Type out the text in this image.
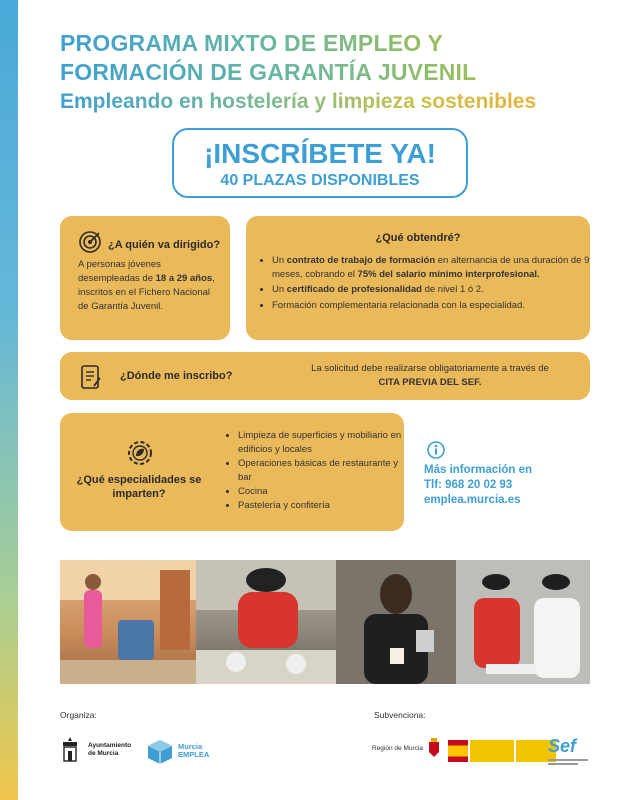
PROGRAMA MIXTO DE EMPLEO Y
FORMACIÓN DE GARANTÍA JUVENIL
Empleando en hostelería y limpieza sostenibles
¡INSCRÍBETE YA!
40 PLAZAS DISPONIBLES
¿A quién va dirigido?
A personas jóvenes desempleadas de 18 a 29 años, inscritos en el Fichero Nacional de Garantía Juvenil.
¿Qué obtendré?
• Un contrato de trabajo de formación en alternancia de una duración de 9 meses, cobrando el 75% del salario mínimo interprofesional.
• Un certificado de profesionalidad de nivel 1 ó 2.
• Formación complementaria relacionada con la especialidad.
¿Dónde me inscribo?
La solicitud debe realizarse obligatoriamente a través de
CITA PREVIA DEL SEF.
¿Qué especialidades se imparten?
• Limpieza de superficies y mobiliario en edificios y locales
• Operaciones básicas de restaurante y bar
• Cocina
• Pastelería y confitería
Más información en
Tlf: 968 20 02 93
emplea.murcia.es
Organiza:	Subvenciona:
Ayuntamiento
de Murcia
Murcia
EMPLEA
Región de Murcia	Sef
